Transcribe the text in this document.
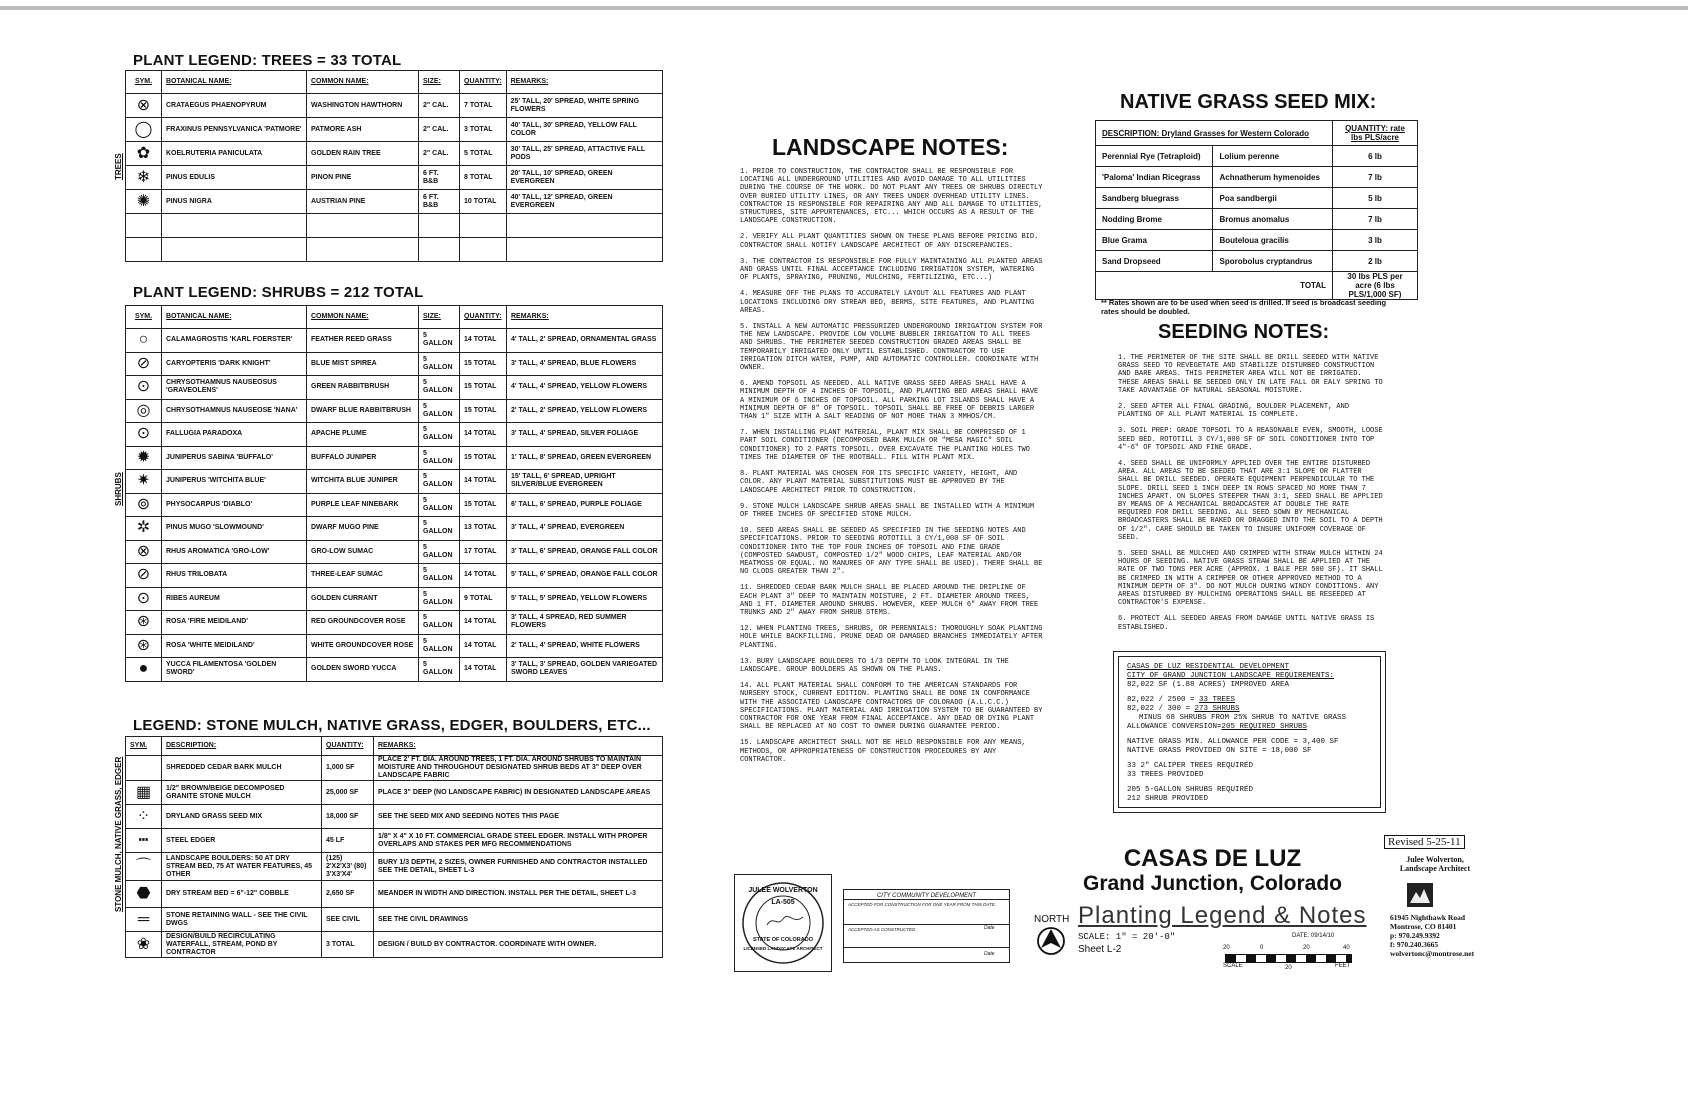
PLANT LEGEND: TREES = 33 TOTAL
TREES
SYM.	BOTANICAL NAME:	COMMON NAME:	SIZE:	QUANTITY:	REMARKS:
⊗	CRATAEGUS PHAENOPYRUM	WASHINGTON HAWTHORN	2" CAL.	7 TOTAL	25' TALL, 20' SPREAD, WHITE SPRING FLOWERS
◯	FRAXINUS PENNSYLVANICA 'PATMORE'	PATMORE ASH	2" CAL.	3 TOTAL	40' TALL, 30' SPREAD, YELLOW FALL COLOR
✿	KOELRUTERIA PANICULATA	GOLDEN RAIN TREE	2" CAL.	5 TOTAL	30' TALL, 25' SPREAD, ATTACTIVE FALL PODS
❄	PINUS EDULIS	PINON PINE	6 FT. B&B	8 TOTAL	20' TALL, 10' SPREAD, GREEN EVERGREEN
✺	PINUS NIGRA	AUSTRIAN PINE	6 FT. B&B	10 TOTAL	40' TALL, 12' SPREAD, GREEN EVERGREEN

PLANT LEGEND: SHRUBS = 212 TOTAL
SHRUBS
SYM.	BOTANICAL NAME:	COMMON NAME:	SIZE:	QUANTITY:	REMARKS:
○	CALAMAGROSTIS 'KARL FOERSTER'	FEATHER REED GRASS	5 GALLON	14 TOTAL	4' TALL, 2' SPREAD, ORNAMENTAL GRASS
⊘	CARYOPTERIS 'DARK KNIGHT'	BLUE MIST SPIREA	5 GALLON	15 TOTAL	3' TALL, 4' SPREAD, BLUE FLOWERS
⊙	CHRYSOTHAMNUS NAUSEOSUS 'GRAVEOLENS'	GREEN RABBITBRUSH	5 GALLON	15 TOTAL	4' TALL, 4' SPREAD, YELLOW FLOWERS
◎	CHRYSOTHAMNUS NAUSEOSE 'NANA'	DWARF BLUE RABBITBRUSH	5 GALLON	15 TOTAL	2' TALL, 2' SPREAD, YELLOW FLOWERS
⊙	FALLUGIA PARADOXA	APACHE PLUME	5 GALLON	14 TOTAL	3' TALL, 4' SPREAD, SILVER FOLIAGE
✹	JUNIPERUS SABINA 'BUFFALO'	BUFFALO JUNIPER	5 GALLON	15 TOTAL	1' TALL, 8' SPREAD, GREEN EVERGREEN
✷	JUNIPERUS 'WITCHITA BLUE'	WITCHITA BLUE JUNIPER	5 GALLON	14 TOTAL	15' TALL, 6' SPREAD, UPRIGHT SILVER/BLUE EVERGREEN
⊚	PHYSOCARPUS 'DIABLO'	PURPLE LEAF NINEBARK	5 GALLON	15 TOTAL	6' TALL, 6' SPREAD, PURPLE FOLIAGE
✲	PINUS MUGO 'SLOWMOUND'	DWARF MUGO PINE	5 GALLON	13 TOTAL	3' TALL, 4' SPREAD, EVERGREEN
⊗	RHUS AROMATICA 'GRO-LOW'	GRO-LOW SUMAC	5 GALLON	17 TOTAL	3' TALL, 6' SPREAD, ORANGE FALL COLOR
⊘	RHUS TRILOBATA	THREE-LEAF SUMAC	5 GALLON	14 TOTAL	5' TALL, 6' SPREAD, ORANGE FALL COLOR
⊙	RIBES AUREUM	GOLDEN CURRANT	5 GALLON	9 TOTAL	5' TALL, 5' SPREAD, YELLOW FLOWERS
⊛	ROSA 'FIRE MEIDILAND'	RED GROUNDCOVER ROSE	5 GALLON	14 TOTAL	3' TALL, 4 SPREAD, RED SUMMER FLOWERS
⊛	ROSA 'WHITE MEIDILAND'	WHITE GROUNDCOVER ROSE	5 GALLON	14 TOTAL	2' TALL, 4' SPREAD, WHITE FLOWERS
●	YUCCA FILAMENTOSA 'GOLDEN SWORD'	GOLDEN SWORD YUCCA	5 GALLON	14 TOTAL	3' TALL, 3' SPREAD, GOLDEN VARIEGATED SWORD LEAVES
LEGEND: STONE MULCH, NATIVE GRASS, EDGER, BOULDERS, ETC...
STONE MULCH, NATIVE GRASS, EDGER
SYM.	DESCRIPTION:	QUANTITY:	REMARKS:
	SHREDDED CEDAR BARK MULCH	1,000 SF	PLACE 2' FT. DIA. AROUND TREES, 1 FT. DIA. AROUND SHRUBS TO MAINTAIN MOISTURE AND THROUGHOUT DESIGNATED SHRUB BEDS AT 3" DEEP OVER LANDSCAPE FABRIC
▦	1/2" BROWN/BEIGE DECOMPOSED GRANITE STONE MULCH	25,000 SF	PLACE 3" DEEP (NO LANDSCAPE FABRIC) IN DESIGNATED LANDSCAPE AREAS
⁘	DRYLAND GRASS SEED MIX	18,000 SF	SEE THE SEED MIX AND SEEDING NOTES THIS PAGE
┅	STEEL EDGER	45 LF	1/8" X 4" X 10 FT. COMMERCIAL GRADE STEEL EDGER. INSTALL WITH PROPER OVERLAPS AND STAKES PER MFG RECOMMENDATIONS
⌒	LANDSCAPE BOULDERS: 50 AT DRY STREAM BED, 75 AT WATER FEATURES, 45 OTHER	(125) 2'X2'X3' (80) 3'X3'X4'	BURY 1/3 DEPTH, 2 SIZES, OWNER FURNISHED AND CONTRACTOR INSTALLED SEE THE DETAIL, SHEET L-3
⬣	DRY STREAM BED = 6"-12" COBBLE	2,650 SF	MEANDER IN WIDTH AND DIRECTION. INSTALL PER THE DETAIL, SHEET L-3
═	STONE RETAINING WALL - SEE THE CIVIL DWGS	SEE CIVIL	SEE THE CIVIL DRAWINGS
❀	DESIGN/BUILD RECIRCULATING WATERFALL, STREAM, POND BY CONTRACTOR	3 TOTAL	DESIGN / BUILD BY CONTRACTOR. COORDINATE WITH OWNER.
LANDSCAPE NOTES:

1. PRIOR TO CONSTRUCTION, THE CONTRACTOR SHALL BE RESPONSIBLE FOR LOCATING ALL UNDERGROUND UTILITIES AND AVOID DAMAGE TO ALL UTILITIES DURING THE COURSE OF THE WORK. DO NOT PLANT ANY TREES OR SHRUBS DIRECTLY OVER BURIED UTILITY LINES, OR ANY TREES UNDER OVERHEAD UTILITY LINES. CONTRACTOR IS RESPONSIBLE FOR REPAIRING ANY AND ALL DAMAGE TO UTILITIES, STRUCTURES, SITE APPURTENANCES, ETC... WHICH OCCURS AS A RESULT OF THE LANDSCAPE CONSTRUCTION.

2. VERIFY ALL PLANT QUANTITIES SHOWN ON THESE PLANS BEFORE PRICING BID. CONTRACTOR SHALL NOTIFY LANDSCAPE ARCHITECT OF ANY DISCREPANCIES.

3. THE CONTRACTOR IS RESPONSIBLE FOR FULLY MAINTAINING ALL PLANTED AREAS AND GRASS UNTIL FINAL ACCEPTANCE INCLUDING IRRIGATION SYSTEM, WATERING OF PLANTS, SPRAYING, PRUNING, MULCHING, FERTILIZING, ETC...)

4. MEASURE OFF THE PLANS TO ACCURATELY LAYOUT ALL FEATURES AND PLANT LOCATIONS INCLUDING DRY STREAM BED, BERMS, SITE FEATURES, AND PLANTING AREAS.

5. INSTALL A NEW AUTOMATIC PRESSURIZED UNDERGROUND IRRIGATION SYSTEM FOR THE NEW LANDSCAPE. PROVIDE LOW VOLUME BUBBLER IRRIGATION TO ALL TREES AND SHRUBS. THE PERIMETER SEEDED CONSTRUCTION GRADED AREAS SHALL BE TEMPORARILY IRRIGATED ONLY UNTIL ESTABLISHED. CONTRACTOR TO USE IRRIGATION DITCH WATER, PUMP, AND AUTOMATIC CONTROLLER. COORDINATE WITH OWNER.

6. AMEND TOPSOIL AS NEEDED. ALL NATIVE GRASS SEED AREAS SHALL HAVE A MINIMUM DEPTH OF 4 INCHES OF TOPSOIL, AND PLANTING BED AREAS SHALL HAVE A MINIMUM OF 6 INCHES OF TOPSOIL. ALL PARKING LOT ISLANDS SHALL HAVE A MINIMUM DEPTH OF 8" OF TOPSOIL. TOPSOIL SHALL BE FREE OF DEBRIS LARGER THAN 1" SIZE WITH A SALT READING OF NOT MORE THAN 3 MMHOS/CM.

7. WHEN INSTALLING PLANT MATERIAL, PLANT MIX SHALL BE COMPRISED OF 1 PART SOIL CONDITIONER (DECOMPOSED BARK MULCH OR "MESA MAGIC" SOIL CONDITIONER) TO 2 PARTS TOPSOIL. OVER EXCAVATE THE PLANTING HOLES TWO TIMES THE DIAMETER OF THE ROOTBALL. FILL WITH PLANT MIX.

8. PLANT MATERIAL WAS CHOSEN FOR ITS SPECIFIC VARIETY, HEIGHT, AND COLOR. ANY PLANT MATERIAL SUBSTITUTIONS MUST BE APPROVED BY THE LANDSCAPE ARCHITECT PRIOR TO CONSTRUCTION.

9. STONE MULCH LANDSCAPE SHRUB AREAS SHALL BE INSTALLED WITH A MINIMUM OF THREE INCHES OF SPECIFIED STONE MULCH.

10. SEED AREAS SHALL BE SEEDED AS SPECIFIED IN THE SEEDING NOTES AND SPECIFICATIONS. PRIOR TO SEEDING ROTOTILL 3 CY/1,000 SF OF SOIL CONDITIONER INTO THE TOP FOUR INCHES OF TOPSOIL AND FINE GRADE (COMPOSTED SAWDUST, COMPOSTED 1/2" WOOD CHIPS, LEAF MATERIAL AND/OR MEATMOSS OR EQUAL. NO MANURES OF ANY TYPE SHALL BE USED). THERE SHALL BE NO CLODS GREATER THAN 2".

11. SHREDDED CEDAR BARK MULCH SHALL BE PLACED AROUND THE DRIPLINE OF EACH PLANT 3" DEEP TO MAINTAIN MOISTURE, 2 FT. DIAMETER AROUND TREES, AND 1 FT. DIAMETER AROUND SHRUBS. HOWEVER, KEEP MULCH 6" AWAY FROM TREE TRUNKS AND 2" AWAY FROM SHRUB STEMS.

12. WHEN PLANTING TREES, SHRUBS, OR PERENNIALS: THOROUGHLY SOAK PLANTING HOLE WHILE BACKFILLING. PRUNE DEAD OR DAMAGED BRANCHES IMMEDIATELY AFTER PLANTING.

13. BURY LANDSCAPE BOULDERS TO 1/3 DEPTH TO LOOK INTEGRAL IN THE LANDSCAPE. GROUP BOULDERS AS SHOWN ON THE PLANS.

14. ALL PLANT MATERIAL SHALL CONFORM TO THE AMERICAN STANDARDS FOR NURSERY STOCK, CURRENT EDITION. PLANTING SHALL BE DONE IN CONFORMANCE WITH THE ASSOCIATED LANDSCAPE CONTRACTORS OF COLORADO (A.L.C.C.) SPECIFICATIONS. PLANT MATERIAL AND IRRIGATION SYSTEM TO BE GUARANTEED BY CONTRACTOR FOR ONE YEAR FROM FINAL ACCEPTANCE. ANY DEAD OR DYING PLANT SHALL BE REPLACED AT NO COST TO OWNER DURING GUARANTEE PERIOD.

15. LANDSCAPE ARCHITECT SHALL NOT BE HELD RESPONSIBLE FOR ANY MEANS, METHODS, OR APPROPRIATENESS OF CONSTRUCTION PROCEDURES BY ANY CONTRACTOR.

NATIVE GRASS SEED MIX:
DESCRIPTION: Dryland Grasses for Western Colorado		QUANTITY: rate lbs PLS/acre
Perennial Rye (Tetraploid)	Lolium perenne	6 lb
'Paloma' Indian Ricegrass	Achnatherum hymenoides	7 lb
Sandberg bluegrass	Poa sandbergii	5 lb
Nodding Brome	Bromus anomalus	7 lb
Blue Grama	Bouteloua gracilis	3 lb
Sand Dropseed	Sporobolus cryptandrus	2 lb
TOTAL		30 lbs PLS per acre (6 lbs PLS/1,000 SF)
** Rates shown are to be used when seed is drilled. If seed is broadcast seeding rates should be doubled.
SEEDING NOTES:

1. THE PERIMETER OF THE SITE SHALL BE DRILL SEEDED WITH NATIVE GRASS SEED TO REVEGETATE AND STABILIZE DISTURBED CONSTRUCTION AND BARE AREAS. THIS PERIMETER AREA WILL NOT BE IRRIGATED. THESE AREAS SHALL BE SEEDED ONLY IN LATE FALL OR EALY SPRING TO TAKE ADVANTAGE OF NATURAL SEASONAL MOISTURE.

2. SEED AFTER ALL FINAL GRADING, BOULDER PLACEMENT, AND PLANTING OF ALL PLANT MATERIAL IS COMPLETE.

3. SOIL PREP: GRADE TOPSOIL TO A REASONABLE EVEN, SMOOTH, LOOSE SEED BED. ROTOTILL 3 CY/1,000 SF OF SOIL CONDITIONER INTO TOP 4"-6" OF TOPSOIL AND FINE GRADE.

4. SEED SHALL BE UNIFORMLY APPLIED OVER THE ENTIRE DISTURBED AREA. ALL AREAS TO BE SEEDED THAT ARE 3:1 SLOPE OR FLATTER SHALL BE DRILL SEEDED. OPERATE EQUIPMENT PERPENDICULAR TO THE SLOPE. DRILL SEED 1 INCH DEEP IN ROWS SPACED NO MORE THAN 7 INCHES APART. ON SLOPES STEEPER THAN 3:1, SEED SHALL BE APPLIED BY MEANS OF A MECHANICAL BROADCASTER AT DOUBLE THE RATE REQUIRED FOR DRILL SEEDING. ALL SEED SOWN BY MECHANICAL BROADCASTERS SHALL BE RAKED OR DRAGGED INTO THE SOIL TO A DEPTH OF 1/2". CARE SHOULD BE TAKEN TO INSURE UNIFORM COVERAGE OF SEED.

5. SEED SHALL BE MULCHED AND CRIMPED WITH STRAW MULCH WITHIN 24 HOURS OF SEEDING. NATIVE GRASS STRAW SHALL BE APPLIED AT THE RATE OF TWO TONS PER ACRE (APPROX. 1 BALE PER 500 SF). IT SHALL BE CRIMPED IN WITH A CRIMPER OR OTHER APPROVED METHOD TO A MINIMUM DEPTH OF 3". DO NOT MULCH DURING WINDY CONDITIONS. ANY AREAS DISTURBED BY MULCHING OPERATIONS SHALL BE RESEEDED AT CONTRACTOR'S EXPENSE.

6. PROTECT ALL SEEDED AREAS FROM DAMAGE UNTIL NATIVE GRASS IS ESTABLISHED.

CASAS DE LUZ RESIDENTIAL DEVELOPMENT
CITY OF GRAND JUNCTION LANDSCAPE REQUIREMENTS:

82,022 SF (1.88 ACRES) IMPROVED AREA

82,022 / 2500 = 33 TREES
82,022 / 300 = 273 SHRUBS
MINUS 68 SHRUBS FROM 25% SHRUB TO NATIVE GRASS

ALLOWANCE CONVERSION=205 REQUIRED SHRUBS

NATIVE GRASS MIN. ALLOWANCE PER CODE = 3,400 SF

NATIVE GRASS PROVIDED ON SITE = 18,000 SF

33 2" CALIPER TREES REQUIRED

33 TREES PROVIDED

205 5-GALLON SHRUBS REQUIRED
212 SHRUB PROVIDED
CASAS DE LUZ
Grand Junction, Colorado
NORTH Planting Legend & Notes
SCALE: 1" = 20'-0"
Sheet L-2
DATE: 09/14/10
20	0	20	40
SCALE	20	FEET
Revised 5-25-11
Julee Wolverton,
Landscape Architect
61945 Nighthawk Road
Montrose, CO 81401
p: 970.249.9392
f: 970.240.3665
wolvertonc@montrose.net
JULEE WOLVERTON
LA-505
STATE OF COLORADO
LICENSED LANDSCAPE ARCHITECT
CITY COMMUNITY DEVELOPMENT
ACCEPTED FOR CONSTRUCTION FOR ONE YEAR FROM THIS DATE.
Date
ACCEPTED AS CONSTRUCTED
Date
